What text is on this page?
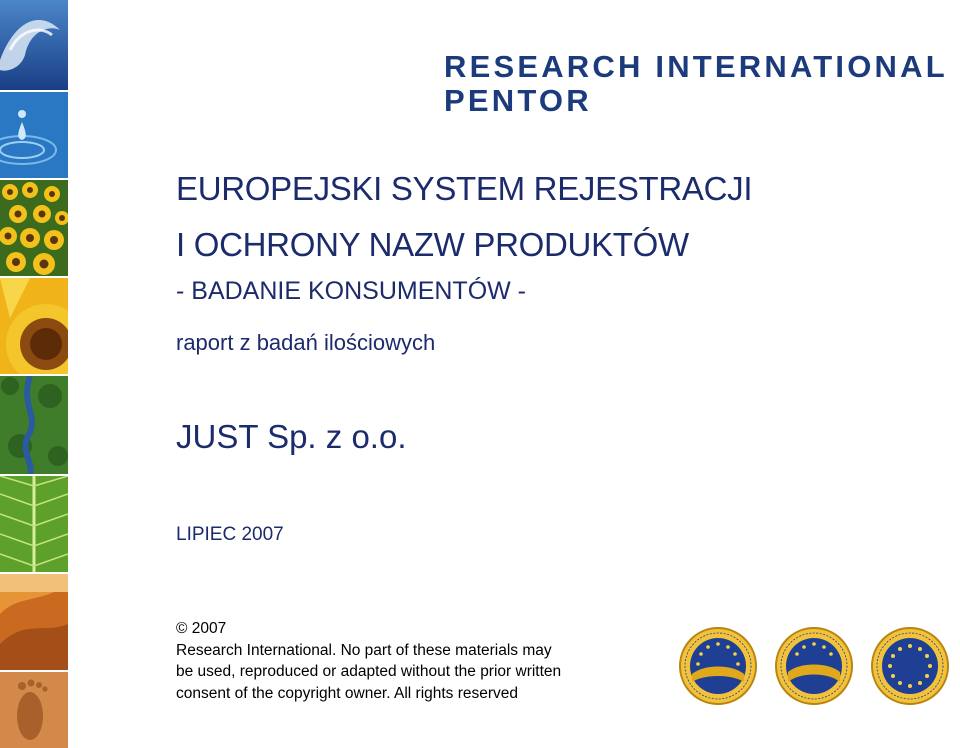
RESEARCH INTERNATIONAL
PENTOR
EUROPEJSKI SYSTEM REJESTRACJI
I OCHRONY NAZW PRODUKTÓW
- BADANIE KONSUMENTÓW -
raport z badań ilościowych
JUST Sp. z o.o.
LIPIEC 2007
© 2007
Research International. No part of these materials may
be used, reproduced or adapted without the prior written
consent of the copyright owner. All rights reserved
